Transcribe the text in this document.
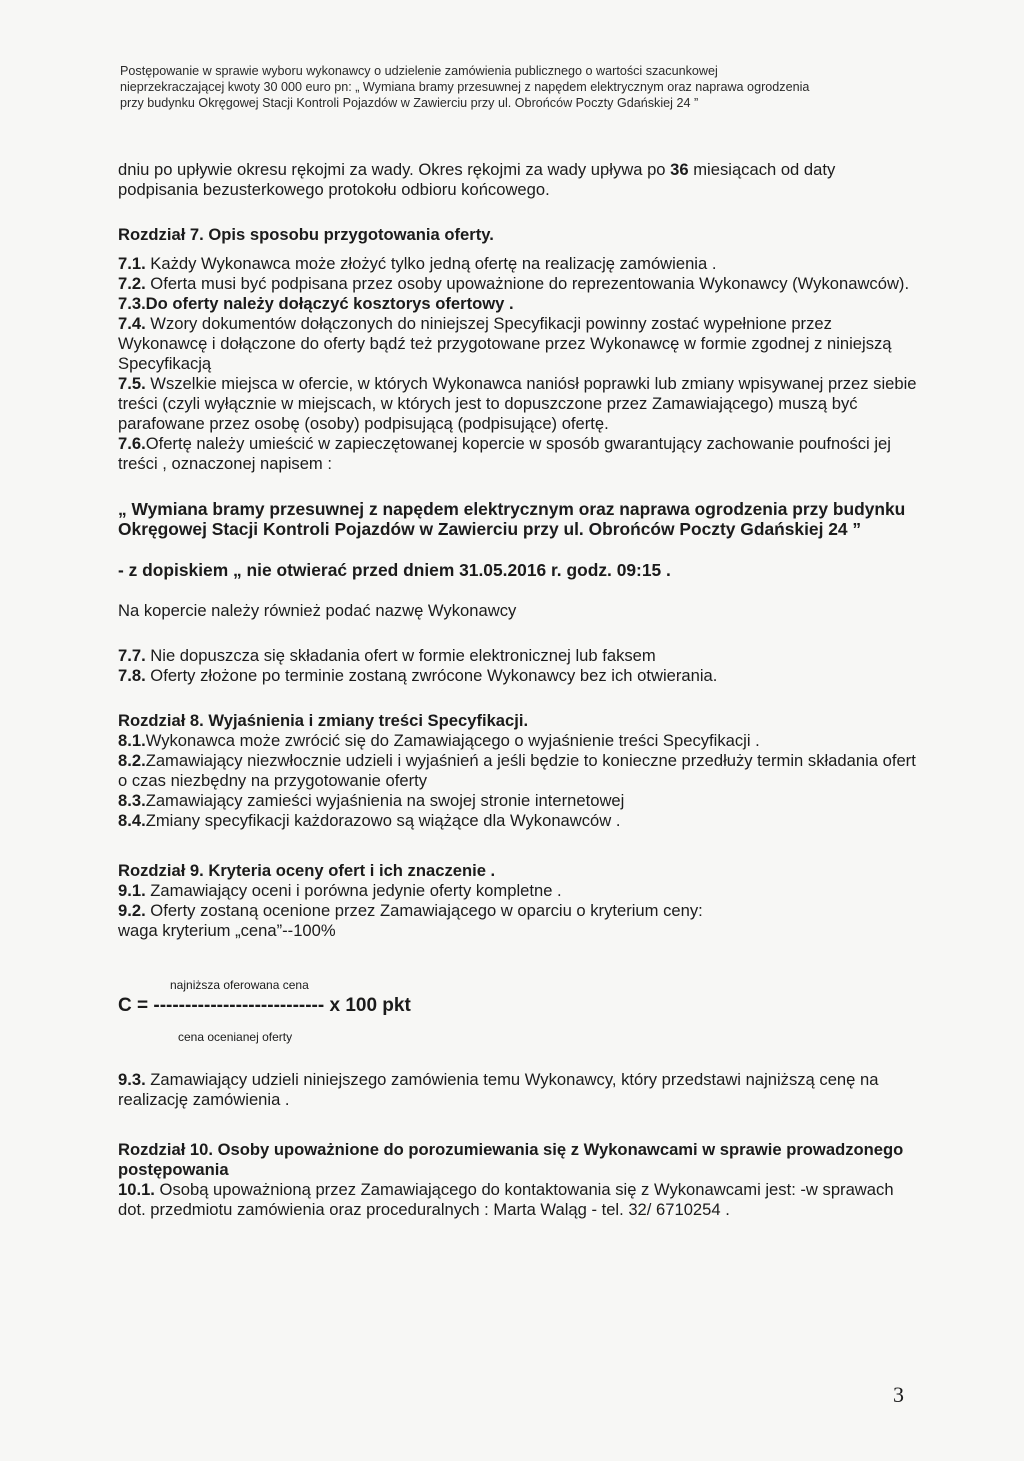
Postępowanie w sprawie wyboru wykonawcy o udzielenie zamówienia publicznego o wartości szacunkowej
nieprzekraczającej kwoty 30 000 euro pn: „ Wymiana bramy przesuwnej z napędem elektrycznym oraz naprawa ogrodzenia
przy budynku Okręgowej Stacji Kontroli Pojazdów w Zawierciu przy ul. Obrońców Poczty Gdańskiej 24 ”

dniu po upływie okresu rękojmi za wady. Okres rękojmi za wady upływa po 36 miesiącach od daty podpisania bezusterkowego protokołu odbioru końcowego.

Rozdział 7. Opis sposobu przygotowania oferty.

7.1. Każdy Wykonawca może złożyć tylko jedną ofertę na realizację zamówienia .

7.2. Oferta musi być podpisana przez osoby upoważnione do reprezentowania Wykonawcy (Wykonawców).

7.3.Do oferty należy dołączyć kosztorys ofertowy .

7.4. Wzory dokumentów dołączonych do niniejszej Specyfikacji powinny zostać wypełnione przez Wykonawcę i dołączone do oferty bądź też przygotowane przez Wykonawcę w formie zgodnej z niniejszą Specyfikacją

7.5. Wszelkie miejsca w ofercie, w których Wykonawca naniósł poprawki lub zmiany wpisywanej przez siebie treści (czyli wyłącznie w miejscach, w których jest to dopuszczone przez Zamawiającego) muszą być parafowane przez osobę (osoby) podpisującą (podpisujące) ofertę.

7.6.Ofertę należy umieścić w zapieczętowanej kopercie w sposób gwarantujący zachowanie poufności jej treści , oznaczonej napisem :

„ Wymiana bramy przesuwnej z napędem elektrycznym oraz naprawa ogrodzenia przy budynku Okręgowej Stacji Kontroli Pojazdów w Zawierciu przy ul. Obrońców Poczty Gdańskiej 24 ”

- z dopiskiem „ nie otwierać przed dniem 31.05.2016 r. godz. 09:15 .

Na kopercie należy również podać nazwę Wykonawcy

7.7. Nie dopuszcza się składania ofert w formie elektronicznej lub faksem

7.8. Oferty złożone po terminie zostaną zwrócone Wykonawcy bez ich otwierania.

Rozdział 8. Wyjaśnienia i zmiany treści Specyfikacji.

8.1.Wykonawca może zwrócić się do Zamawiającego o wyjaśnienie treści Specyfikacji .

8.2.Zamawiający niezwłocznie udzieli i wyjaśnień a jeśli będzie to konieczne przedłuży termin składania ofert o czas niezbędny na przygotowanie oferty

8.3.Zamawiający zamieści wyjaśnienia na swojej stronie internetowej

8.4.Zmiany specyfikacji każdorazowo są wiążące dla Wykonawców .

Rozdział 9. Kryteria oceny ofert i ich znaczenie .

9.1. Zamawiający oceni i porówna jedynie oferty kompletne .

9.2. Oferty zostaną ocenione przez Zamawiającego w oparciu o kryterium ceny:

waga kryterium „cena”--100%

najniższa oferowana cena
C = --------------------------- x 100 pkt
cena ocenianej oferty

9.3. Zamawiający udzieli niniejszego zamówienia temu Wykonawcy, który przedstawi najniższą cenę na realizację zamówienia .

Rozdział 10. Osoby upoważnione do porozumiewania się z Wykonawcami w sprawie prowadzonego postępowania

10.1. Osobą upoważnioną przez Zamawiającego do kontaktowania się z Wykonawcami jest: -w sprawach dot. przedmiotu zamówienia oraz proceduralnych : Marta Waląg - tel. 32/ 6710254 .

3
